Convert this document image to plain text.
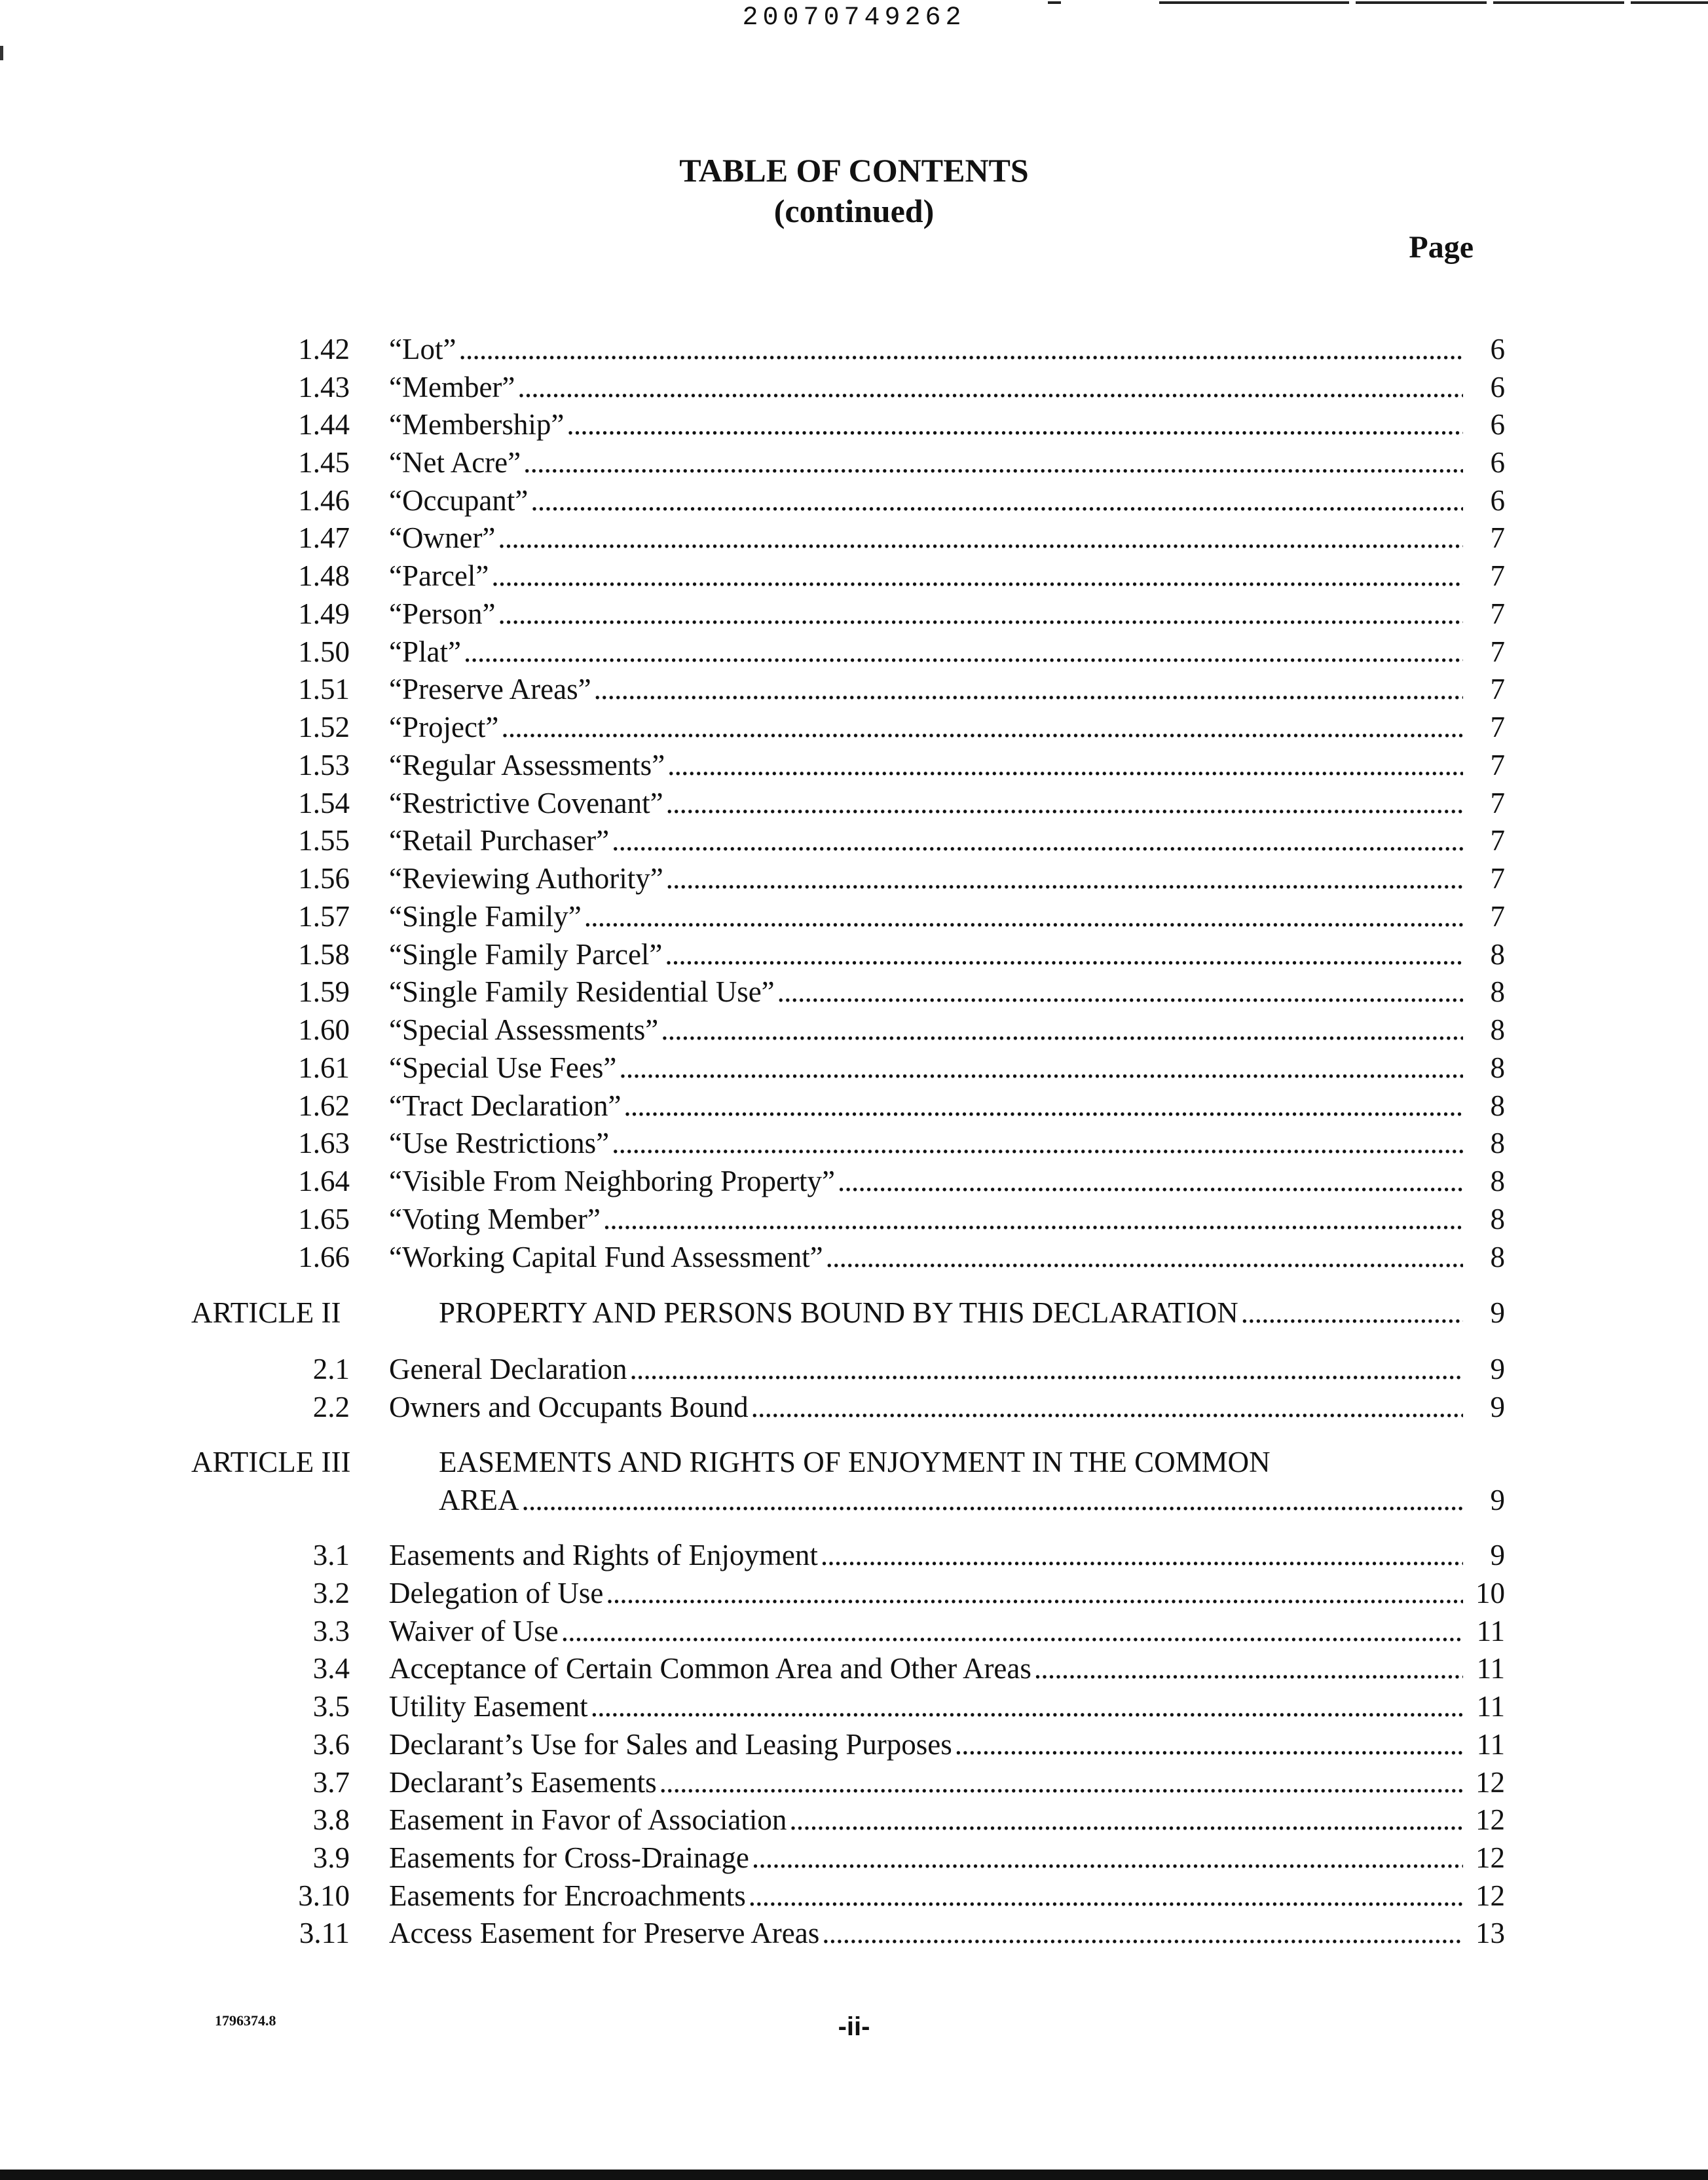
20070749262
TABLE OF CONTENTS
(continued)
Page
1.42 “Lot” . . .	6
1.43 “Member” . . .	6
1.44 “Membership” . . .	6
1.45 “Net Acre” . . .	6
1.46 “Occupant” . . .	6
1.47 “Owner” . . .	7
1.48 “Parcel” . . .	7
1.49 “Person” . . .	7
1.50 “Plat” . . .	7
1.51 “Preserve Areas” . . .	7
1.52 “Project” . . .	7
1.53 “Regular Assessments” . . .	7
1.54 “Restrictive Covenant” . . .	7
1.55 “Retail Purchaser” . . .	7
1.56 “Reviewing Authority” . . .	7
1.57 “Single Family” . . .	7
1.58 “Single Family Parcel” . . .	8
1.59 “Single Family Residential Use” . . .	8
1.60 “Special Assessments” . . .	8
1.61 “Special Use Fees” . . .	8
1.62 “Tract Declaration” . . .	8
1.63 “Use Restrictions” . . .	8
1.64 “Visible From Neighboring Property” . . .	8
1.65 “Voting Member” . . .	8
1.66 “Working Capital Fund Assessment” . . .	8
ARTICLE II	PROPERTY AND PERSONS BOUND BY THIS DECLARATION . . .	9
2.1 General Declaration . . .	9
2.2 Owners and Occupants Bound . . .	9
ARTICLE III	EASEMENTS AND RIGHTS OF ENJOYMENT IN THE COMMON
AREA . . .	9
3.1 Easements and Rights of Enjoyment . . .	9
3.2 Delegation of Use . . .	10
3.3 Waiver of Use . . .	11
3.4 Acceptance of Certain Common Area and Other Areas . . .	11
3.5 Utility Easement . . .	11
3.6 Declarant’s Use for Sales and Leasing Purposes . . .	11
3.7 Declarant’s Easements . . .	12
3.8 Easement in Favor of Association . . .	12
3.9 Easements for Cross-Drainage . . .	12
3.10 Easements for Encroachments . . .	12
3.11 Access Easement for Preserve Areas . . .	13
1796374.8	-ii-
